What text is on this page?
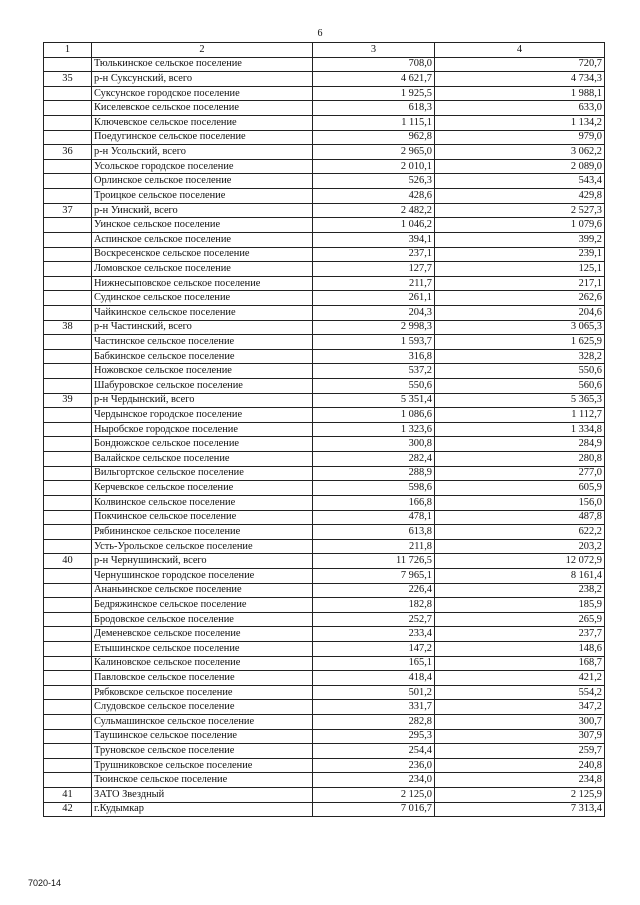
6
1	2	3	4
	Тюлькинское сельское поселение	708,0	720,7
35	р-н Суксунский, всего	4 621,7	4 734,3
	Суксунское городское поселение	1 925,5	1 988,1
	Киселевское сельское поселение	618,3	633,0
	Ключевское сельское поселение	1 115,1	1 134,2
	Поедугинское сельское поселение	962,8	979,0
36	р-н Усольский, всего	2 965,0	3 062,2
	Усольское городское поселение	2 010,1	2 089,0
	Орлинское сельское поселение	526,3	543,4
	Троицкое сельское поселение	428,6	429,8
37	р-н Уинский, всего	2 482,2	2 527,3
	Уинское сельское поселение	1 046,2	1 079,6
	Аспинское сельское поселение	394,1	399,2
	Воскресенское сельское поселение	237,1	239,1
	Ломовское сельское поселение	127,7	125,1
	Нижнесыповское сельское поселение	211,7	217,1
	Судинское сельское поселение	261,1	262,6
	Чайкинское сельское поселение	204,3	204,6
38	р-н Частинский, всего	2 998,3	3 065,3
	Частинское сельское поселение	1 593,7	1 625,9
	Бабкинское сельское поселение	316,8	328,2
	Ножовское сельское поселение	537,2	550,6
	Шабуровское сельское поселение	550,6	560,6
39	р-н Чердынский, всего	5 351,4	5 365,3
	Чердынское городское поселение	1 086,6	1 112,7
	Ныробское городское поселение	1 323,6	1 334,8
	Бондюжское сельское поселение	300,8	284,9
	Валайское сельское поселение	282,4	280,8
	Вильгортское сельское поселение	288,9	277,0
	Керчевское сельское поселение	598,6	605,9
	Колвинское сельское поселение	166,8	156,0
	Покчинское сельское поселение	478,1	487,8
	Рябининское сельское поселение	613,8	622,2
	Усть-Урольское сельское поселение	211,8	203,2
40	р-н Чернушинский, всего	11 726,5	12 072,9
	Чернушинское городское поселение	7 965,1	8 161,4
	Ананьинское сельское поселение	226,4	238,2
	Бедряжинское сельское поселение	182,8	185,9
	Бродовское сельское поселение	252,7	265,9
	Деменевское сельское поселение	233,4	237,7
	Етышинское сельское поселение	147,2	148,6
	Калиновское сельское поселение	165,1	168,7
	Павловское сельское поселение	418,4	421,2
	Рябковское сельское поселение	501,2	554,2
	Слудовское сельское поселение	331,7	347,2
	Сульмашинское сельское поселение	282,8	300,7
	Таушинское сельское поселение	295,3	307,9
	Труновское сельское поселение	254,4	259,7
	Трушниковское сельское поселение	236,0	240,8
	Тюинское сельское поселение	234,0	234,8
41	ЗАТО Звездный	2 125,0	2 125,9
42	г.Кудымкар	7 016,7	7 313,4
7020-14
